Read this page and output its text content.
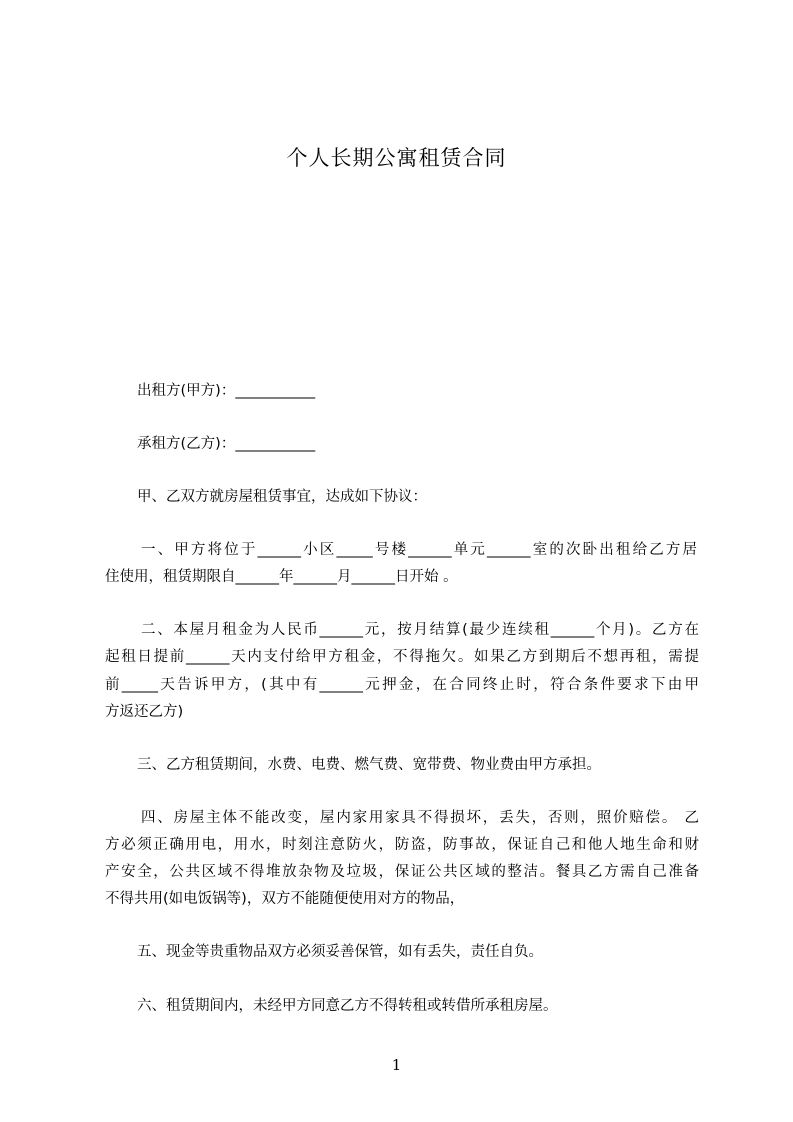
个人长期公寓租赁合同
出租方(甲方)：___________
承租方(乙方)：___________
甲、乙双方就房屋租赁事宜，达成如下协议：
一、甲方将位于______小区_____号楼______单元______室的次卧出租给乙方居
住使用，租赁期限自______年______月______日开始 。
二、本屋月租金为人民币______元，按月结算(最少连续租______个月)。乙方在
起租日提前______天内支付给甲方租金，不得拖欠。如果乙方到期后不想再租，需提
前_____天告诉甲方，(其中有______元押金，在合同终止时，符合条件要求下由甲
方返还乙方)
三、乙方租赁期间，水费、电费、燃气费、宽带费、物业费由甲方承担。
四、房屋主体不能改变，屋内家用家具不得损坏，丢失，否则，照价赔偿。 乙
方必须正确用电，用水，时刻注意防火，防盗，防事故，保证自己和他人地生命和财
产安全，公共区域不得堆放杂物及垃圾，保证公共区域的整洁。餐具乙方需自己准备
不得共用(如电饭锅等)，双方不能随便使用对方的物品，
五、现金等贵重物品双方必须妥善保管，如有丢失，责任自负。
六、租赁期间内，未经甲方同意乙方不得转租或转借所承租房屋。
1
